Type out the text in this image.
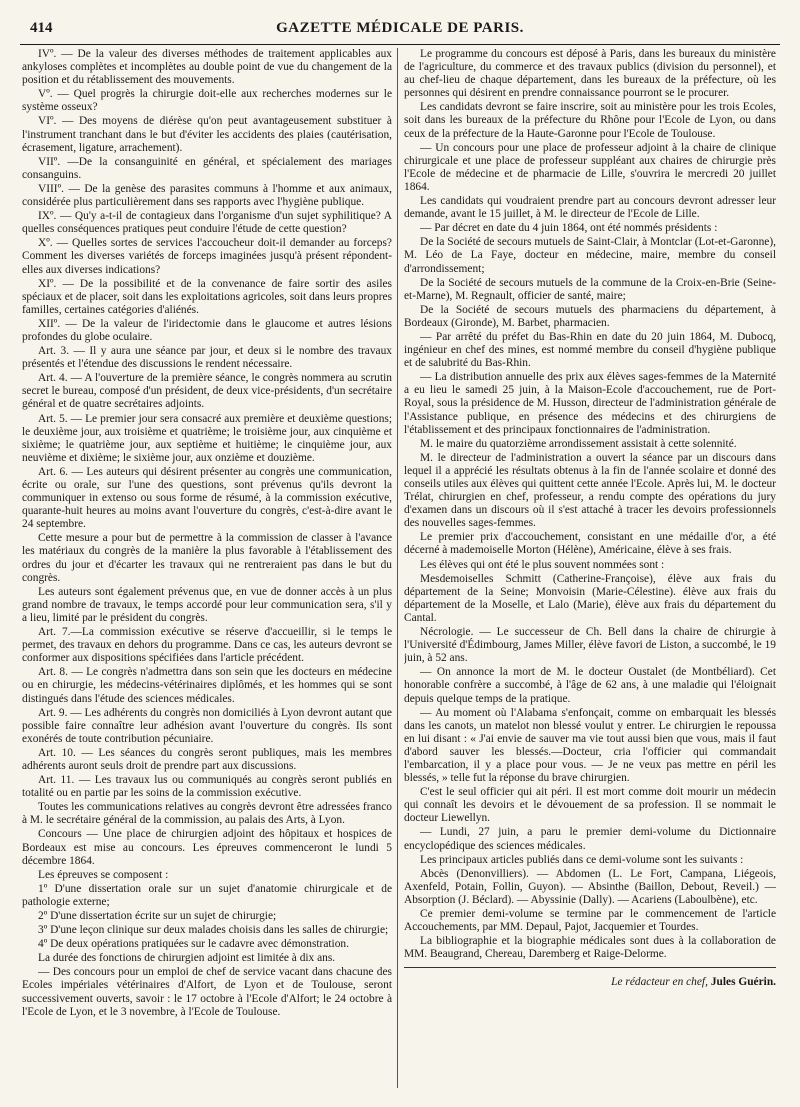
414	GAZETTE MÉDICALE DE PARIS.

IVº. — De la valeur des diverses méthodes de traitement applicables aux ankyloses complètes et incomplètes au double point de vue du changement de la position et du rétablissement des mouvements.

Vº. — Quel progrès la chirurgie doit-elle aux recherches modernes sur le système osseux?

VIº. — Des moyens de diérèse qu'on peut avantageusement substituer à l'instrument tranchant dans le but d'éviter les accidents des plaies (cautérisation, écrasement, ligature, arrachement).

VIIº. —De la consanguinité en général, et spécialement des mariages consanguins.

VIIIº. — De la genèse des parasites communs à l'homme et aux animaux, considérée plus particulièrement dans ses rapports avec l'hygiène publique.

IXº. — Qu'y a-t-il de contagieux dans l'organisme d'un sujet syphilitique? A quelles conséquences pratiques peut conduire l'étude de cette question?

Xº. — Quelles sortes de services l'accoucheur doit-il demander au forceps? Comment les diverses variétés de forceps imaginées jusqu'à présent répondent-elles aux diverses indications?

XIº. — De la possibilité et de la convenance de faire sortir des asiles spéciaux et de placer, soit dans les exploitations agricoles, soit dans leurs propres familles, certaines catégories d'aliénés.

XIIº. — De la valeur de l'iridectomie dans le glaucome et autres lésions profondes du globe oculaire.

Art. 3. — Il y aura une séance par jour, et deux si le nombre des travaux présentés et l'étendue des discussions le rendent nécessaire.

Art. 4. — A l'ouverture de la première séance, le congrès nommera au scrutin secret le bureau, composé d'un président, de deux vice-présidents, d'un secrétaire général et de quatre secrétaires adjoints.

Art. 5. — Le premier jour sera consacré aux première et deuxième questions; le deuxième jour, aux troisième et quatrième; le troisième jour, aux cinquième et sixième; le quatrième jour, aux septième et huitième; le cinquième jour, aux neuvième et dixième; le sixième jour, aux onzième et douzième.

Art. 6. — Les auteurs qui désirent présenter au congrès une communication, écrite ou orale, sur l'une des questions, sont prévenus qu'ils devront la communiquer in extenso ou sous forme de résumé, à la commission exécutive, quarante-huit heures au moins avant l'ouverture du congrès, c'est-à-dire avant le 24 septembre.

Cette mesure a pour but de permettre à la commission de classer à l'avance les matériaux du congrès de la manière la plus favorable à l'établissement des ordres du jour et d'écarter les travaux qui ne rentreraient pas dans le but du congrès.

Les auteurs sont également prévenus que, en vue de donner accès à un plus grand nombre de travaux, le temps accordé pour leur communication sera, s'il y a lieu, limité par le président du congrès.

Art. 7.—La commission exécutive se réserve d'accueillir, si le temps le permet, des travaux en dehors du programme. Dans ce cas, les auteurs devront se conformer aux dispositions spécifiées dans l'article précédent.

Art. 8. — Le congrès n'admettra dans son sein que les docteurs en médecine ou en chirurgie, les médecins-vétérinaires diplômés, et les hommes qui se sont distingués dans l'étude des sciences médicales.

Art. 9. — Les adhérents du congrès non domiciliés à Lyon devront autant que possible faire connaître leur adhésion avant l'ouverture du congrès. Ils sont exonérés de toute contribution pécuniaire.

Art. 10. — Les séances du congrès seront publiques, mais les membres adhérents auront seuls droit de prendre part aux discussions.

Art. 11. — Les travaux lus ou communiqués au congrès seront publiés en totalité ou en partie par les soins de la commission exécutive.

Toutes les communications relatives au congrès devront être adressées franco à M. le secrétaire général de la commission, au palais des Arts, à Lyon.

Concours — Une place de chirurgien adjoint des hôpitaux et hospices de Bordeaux est mise au concours. Les épreuves commenceront le lundi 5 décembre 1864.

Les épreuves se composent :

1º D'une dissertation orale sur un sujet d'anatomie chirurgicale et de pathologie externe;

2º D'une dissertation écrite sur un sujet de chirurgie;

3º D'une leçon clinique sur deux malades choisis dans les salles de chirurgie;

4º De deux opérations pratiquées sur le cadavre avec démonstration.

La durée des fonctions de chirurgien adjoint est limitée à dix ans.

— Des concours pour un emploi de chef de service vacant dans chacune des Ecoles impériales vétérinaires d'Alfort, de Lyon et de Toulouse, seront successivement ouverts, savoir : le 17 octobre à l'Ecole d'Alfort; le 24 octobre à l'Ecole de Lyon, et le 3 novembre, à l'Ecole de Toulouse.

Le programme du concours est déposé à Paris, dans les bureaux du ministère de l'agriculture, du commerce et des travaux publics (division du personnel), et au chef-lieu de chaque département, dans les bureaux de la préfecture, où les personnes qui désirent en prendre connaissance pourront se le procurer.

Les candidats devront se faire inscrire, soit au ministère pour les trois Ecoles, soit dans les bureaux de la préfecture du Rhône pour l'Ecole de Lyon, ou dans ceux de la préfecture de la Haute-Garonne pour l'Ecole de Toulouse.

— Un concours pour une place de professeur adjoint à la chaire de clinique chirurgicale et une place de professeur suppléant aux chaires de chirurgie près l'Ecole de médecine et de pharmacie de Lille, s'ouvrira le mercredi 20 juillet 1864.

Les candidats qui voudraient prendre part au concours devront adresser leur demande, avant le 15 juillet, à M. le directeur de l'Ecole de Lille.

— Par décret en date du 4 juin 1864, ont été nommés présidents :

De la Société de secours mutuels de Saint-Clair, à Montclar (Lot-et-Garonne), M. Léo de La Faye, docteur en médecine, maire, membre du conseil d'arrondissement;

De la Société de secours mutuels de la commune de la Croix-en-Brie (Seine-et-Marne), M. Regnault, officier de santé, maire;

De la Société de secours mutuels des pharmaciens du département, à Bordeaux (Gironde), M. Barbet, pharmacien.

— Par arrêté du préfet du Bas-Rhin en date du 20 juin 1864, M. Dubocq, ingénieur en chef des mines, est nommé membre du conseil d'hygiène publique et de salubrité du Bas-Rhin.

— La distribution annuelle des prix aux élèves sages-femmes de la Maternité a eu lieu le samedi 25 juin, à la Maison-Ecole d'accouchement, rue de Port-Royal, sous la présidence de M. Husson, directeur de l'administration générale de l'Assistance publique, en présence des médecins et des chirurgiens de l'établissement et des principaux fonctionnaires de l'administration.

M. le maire du quatorzième arrondissement assistait à cette solennité.

M. le directeur de l'administration a ouvert la séance par un discours dans lequel il a apprécié les résultats obtenus à la fin de l'année scolaire et donné des conseils utiles aux élèves qui quittent cette année l'Ecole. Après lui, M. le docteur Trélat, chirurgien en chef, professeur, a rendu compte des opérations du jury d'examen dans un discours où il s'est attaché à tracer les devoirs professionnels des nouvelles sages-femmes.

Le premier prix d'accouchement, consistant en une médaille d'or, a été décerné à mademoiselle Morton (Hélène), Américaine, élève à ses frais.

Les élèves qui ont été le plus souvent nommées sont :

Mesdemoiselles Schmitt (Catherine-Françoise), élève aux frais du département de la Seine; Monvoisin (Marie-Célestine). élève aux frais du département de la Moselle, et Lalo (Marie), élève aux frais du département du Cantal.

Nécrologie. — Le successeur de Ch. Bell dans la chaire de chirurgie à l'Université d'Édimbourg, James Miller, élève favori de Liston, a succombé, le 19 juin, à 52 ans.

— On annonce la mort de M. le docteur Oustalet (de Montbéliard). Cet honorable confrère a succombé, à l'âge de 62 ans, à une maladie qui l'éloignait depuis quelque temps de la pratique.

— Au moment où l'Alabama s'enfonçait, comme on embarquait les blessés dans les canots, un matelot non blessé voulut y entrer. Le chirurgien le repoussa en lui disant : « J'ai envie de sauver ma vie tout aussi bien que vous, mais il faut d'abord sauver les blessés.—Docteur, cria l'officier qui commandait l'embarcation, il y a place pour vous. — Je ne veux pas mettre en péril les blessés, » telle fut la réponse du brave chirurgien.

C'est le seul officier qui ait péri. Il est mort comme doit mourir un médecin qui connaît les devoirs et le dévouement de sa profession. Il se nommait le docteur Liewellyn.

— Lundi, 27 juin, a paru le premier demi-volume du Dictionnaire encyclopédique des sciences médicales.

Les principaux articles publiés dans ce demi-volume sont les suivants :

Abcès (Denonvilliers). — Abdomen (L. Le Fort, Campana, Liégeois, Axenfeld, Potain, Follin, Guyon). — Absinthe (Baillon, Debout, Reveil.) — Absorption (J. Béclard). — Abyssinie (Dally). — Acariens (Laboulbène), etc.

Ce premier demi-volume se termine par le commencement de l'article Accouchements, par MM. Depaul, Pajot, Jacquemier et Tourdes.

La bibliographie et la biographie médicales sont dues à la collaboration de MM. Beaugrand, Chereau, Daremberg et Raige-Delorme.

Le rédacteur en chef, Jules Guérin.
